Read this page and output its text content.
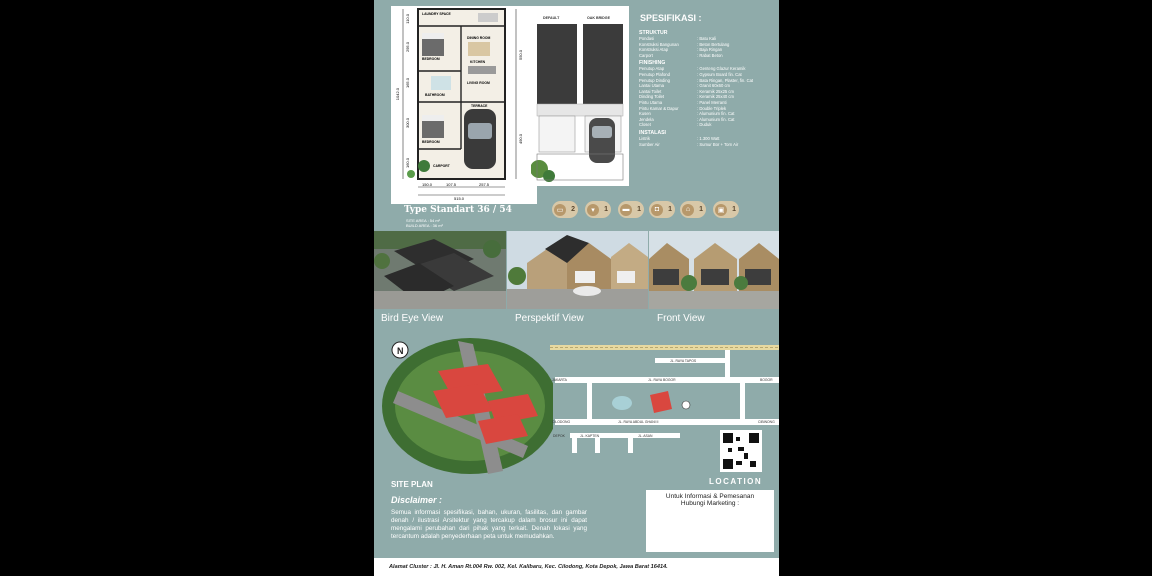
LAUNDRY SPACE
BEDROOM
DINING ROOM
KITCHEN
BATHROOM
LIVING ROOM
BEDROOM
TERRACE
CARPORT
110.0
295.0
165.0
300.0
160.0
1042.0
550.0
490.0
150.0	107.5	257.5
515.0
DEFAULT	OAK BRIDGE
Type Standart 36 / 54
SITE AREA : 54 m²
BUILD AREA : 36 m²
SPESIFIKASI :
STRUKTUR
Pondasi	: Batu Kali
Konstruksi Bangunan	: Beton Bertulang
Konstruksi Atap	: Baja Ringan
Carport	: Rabat Beton
FINISHING
Penutup Atap	: Genteng Glazur Keramik
Penutup Plafond	: Gypsum Board fin. Cat
Penutup Dinding	: Bata Ringan, Plaster, fin. Cat
Lantai Utama	: Granit 60x60 cm
Lantai Toilet	: Keramik 25x25 cm
Dinding Toilet	: Keramik 25x40 cm
Pintu Utama	: Panel Merranti
Pintu Kamar & Dapur	: Double Triplek
Kusen	: Alumunium fin. Cat
Jendela	: Alumunium fin. Cat
Closet	: Duduk
INSTALASI
Listrik	: 1.300 Watt
Sumber Air	: Sumur Bor + Torn Air
▭	2	▾	1	▬	1	◘	1	⌂	1	▣	1
Bird Eye View	Perspektif View	Front View
N
JL. RAYA TAPOS
JL. RAYA BOGOR
JL. RAYA ABDUL GHANI II
JL. KAPTEN	JL. ASAN
JAKARTA	BOGOR
CILODONG	CIBINONG
DEPOK
SITE PLAN	LOCATION
Disclaimer :
Semua informasi spesifikasi, bahan, ukuran, fasilitas, dan gambar denah / ilustrasi Arsitektur yang tercakup dalam brosur ini dapat mengalami perubahan dari pihak yang terkait. Denah lokasi yang tercantum adalah penyederhaan peta untuk memudahkan.
Untuk Informasi & Pemesanan
Hubungi Marketing :
Alamat Cluster : Jl. H. Aman Rt.004 Rw. 002, Kel. Kalibaru, Kec. Cilodong, Kota Depok, Jawa Barat 16414.
